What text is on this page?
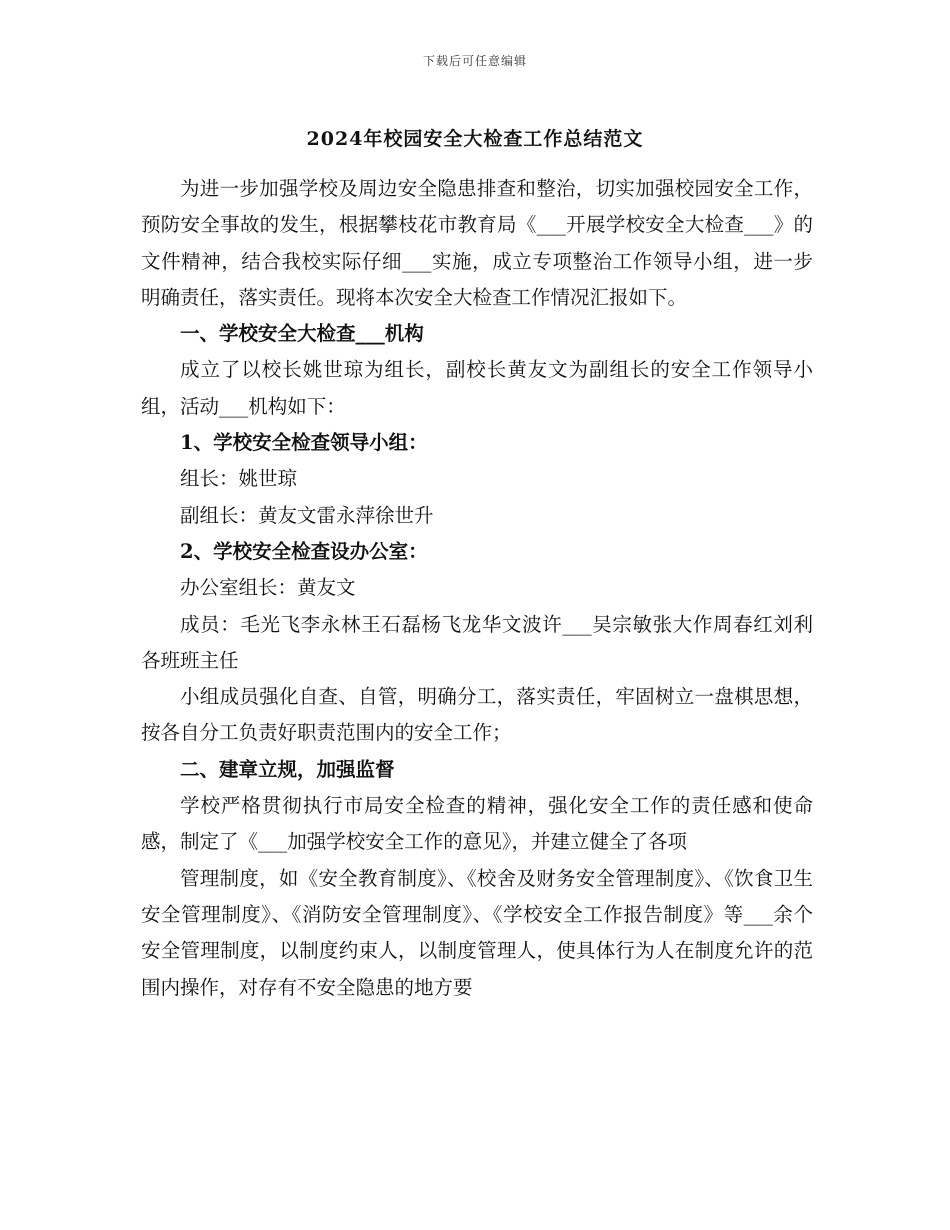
下载后可任意编辑
2024年校园安全大检查工作总结范文

为进一步加强学校及周边安全隐患排查和整治，切实加强校园安全工作，预防安全事故的发生，根据攀枝花市教育局《___开展学校安全大检查___》的文件精神，结合我校实际仔细___实施，成立专项整治工作领导小组，进一步明确责任，落实责任。现将本次安全大检查工作情况汇报如下。

一、学校安全大检查___机构

成立了以校长姚世琼为组长，副校长黄友文为副组长的安全工作领导小组，活动___机构如下：

1、学校安全检查领导小组：

组长：姚世琼

副组长：黄友文雷永萍徐世升

2、学校安全检查设办公室：

办公室组长：黄友文

成员：毛光飞李永林王石磊杨飞龙华文波许___吴宗敏张大作周春红刘利各班班主任

小组成员强化自查、自管，明确分工，落实责任，牢固树立一盘棋思想，按各自分工负责好职责范围内的安全工作；

二、建章立规，加强监督

学校严格贯彻执行市局安全检查的精神，强化安全工作的责任感和使命感，制定了《___加强学校安全工作的意见》，并建立健全了各项

管理制度，如《安全教育制度》、《校舍及财务安全管理制度》、《饮食卫生安全管理制度》、《消防安全管理制度》、《学校安全工作报告制度》等___余个安全管理制度，以制度约束人，以制度管理人，使具体行为人在制度允许的范围内操作，对存有不安全隐患的地方要
